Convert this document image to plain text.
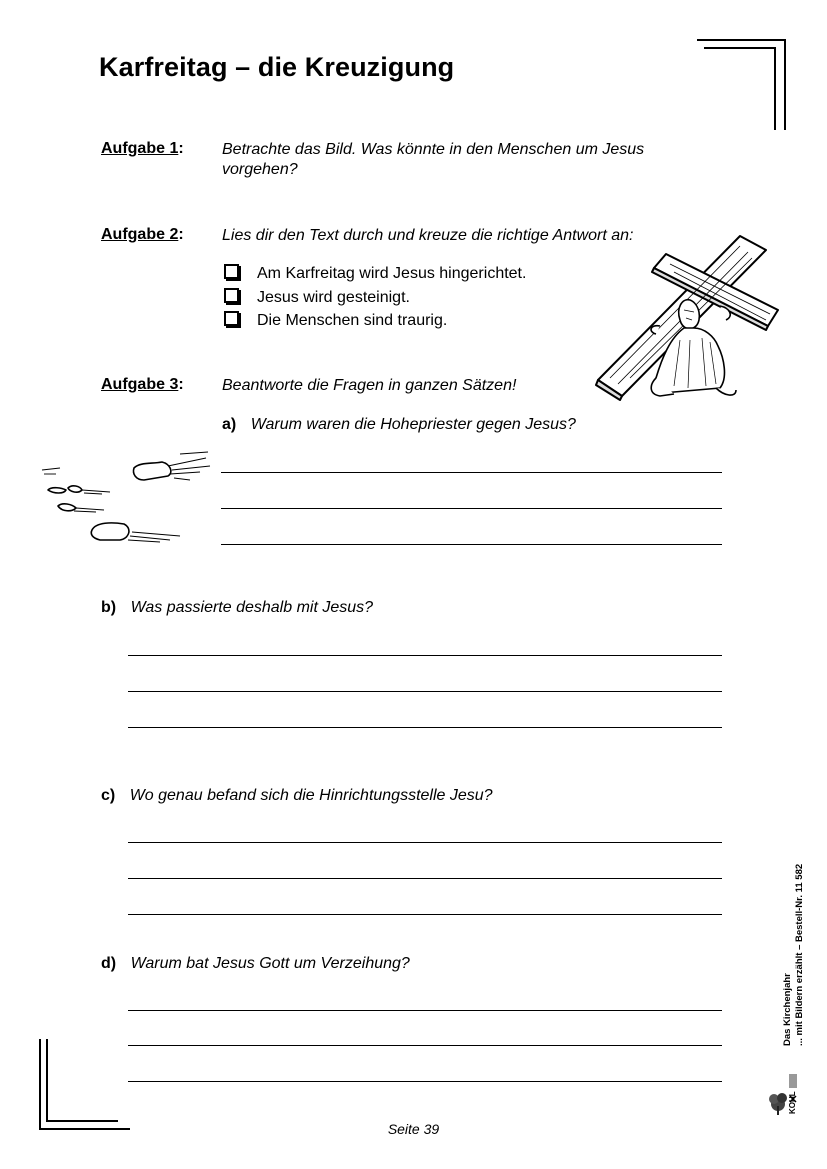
Karfreitag – die Kreuzigung
Aufgabe 1: Betrachte das Bild. Was könnte in den Menschen um Jesus
vorgehen?
Aufgabe 2: Lies dir den Text durch und kreuze die richtige Antwort an:
Am Karfreitag wird Jesus hingerichtet.
Jesus wird gesteinigt.
Die Menschen sind traurig.
Aufgabe 3: Beantworte die Fragen in ganzen Sätzen!
a) Warum waren die Hohepriester gegen Jesus?
b) Was passierte deshalb mit Jesus?
c) Wo genau befand sich die Hinrichtungsstelle Jesu?
d) Warum bat Jesus Gott um Verzeihung?
Seite 39
Das Kirchenjahr ... mit Bildern erzählt – Bestell-Nr. 11 582
KOHL
